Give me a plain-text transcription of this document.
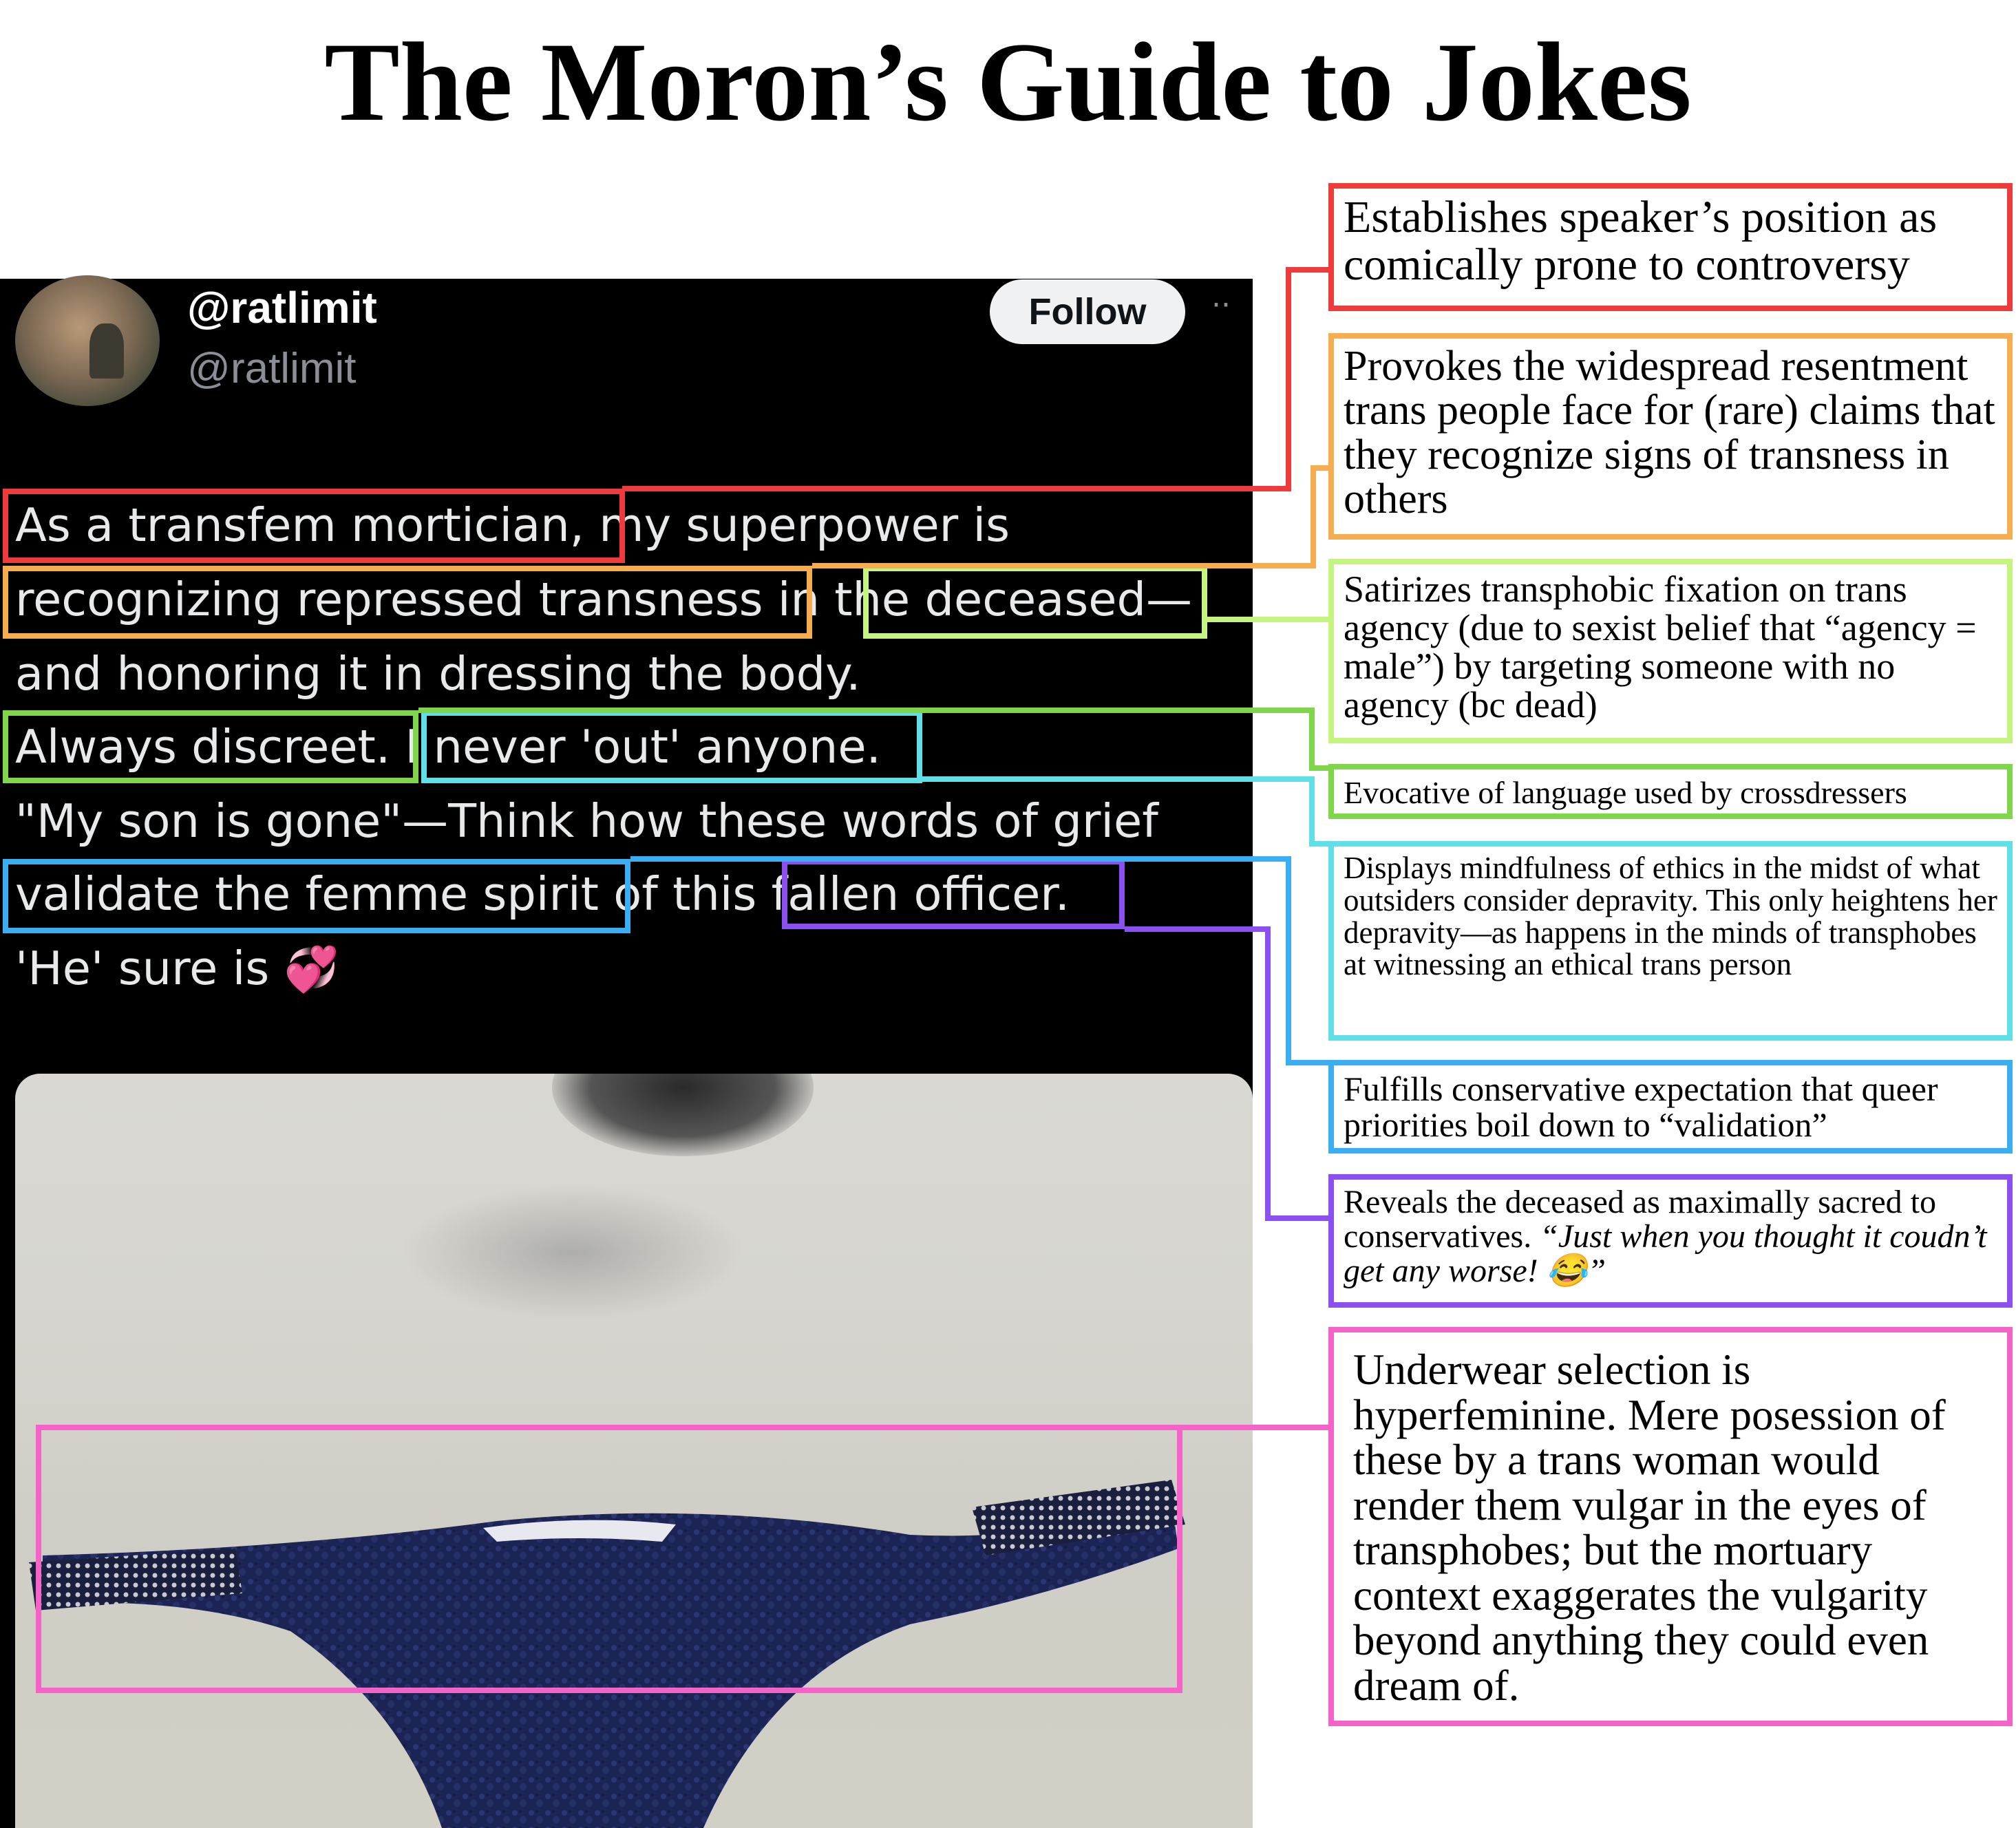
The Moron’s Guide to Jokes
@ratlimit
@ratlimit
Follow	··
As a transfem mortician, my superpower is
recognizing repressed transness in the deceased—
and honoring it in dressing the body.
Always discreet. I never 'out' anyone.
"My son is gone"—Think how these words of grief
validate the femme spirit of this fallen officer.
'He' sure is 💞
Establishes speaker’s position as comically prone to controversy
Provokes the widespread resentment trans people face for (rare) claims that they recognize signs of transness in others
Satirizes transphobic fixation on trans agency (due to sexist belief that “agency = male”) by targeting someone with no agency (bc dead)
Evocative of language used by crossdressers
Displays mindfulness of ethics in the midst of what outsiders consider depravity. This only heightens her depravity—as happens in the minds of transphobes at witnessing an ethical trans person
Fulfills conservative expectation that queer priorities boil down to “validation”
Reveals the deceased as maximally sacred to conservatives. “Just when you thought it coudn’t get any worse! 😂”
Underwear selection is hyperfeminine. Mere posession of these by a trans woman would render them vulgar in the eyes of transphobes; but the mortuary context exaggerates the vulgarity beyond anything they could even dream of.
